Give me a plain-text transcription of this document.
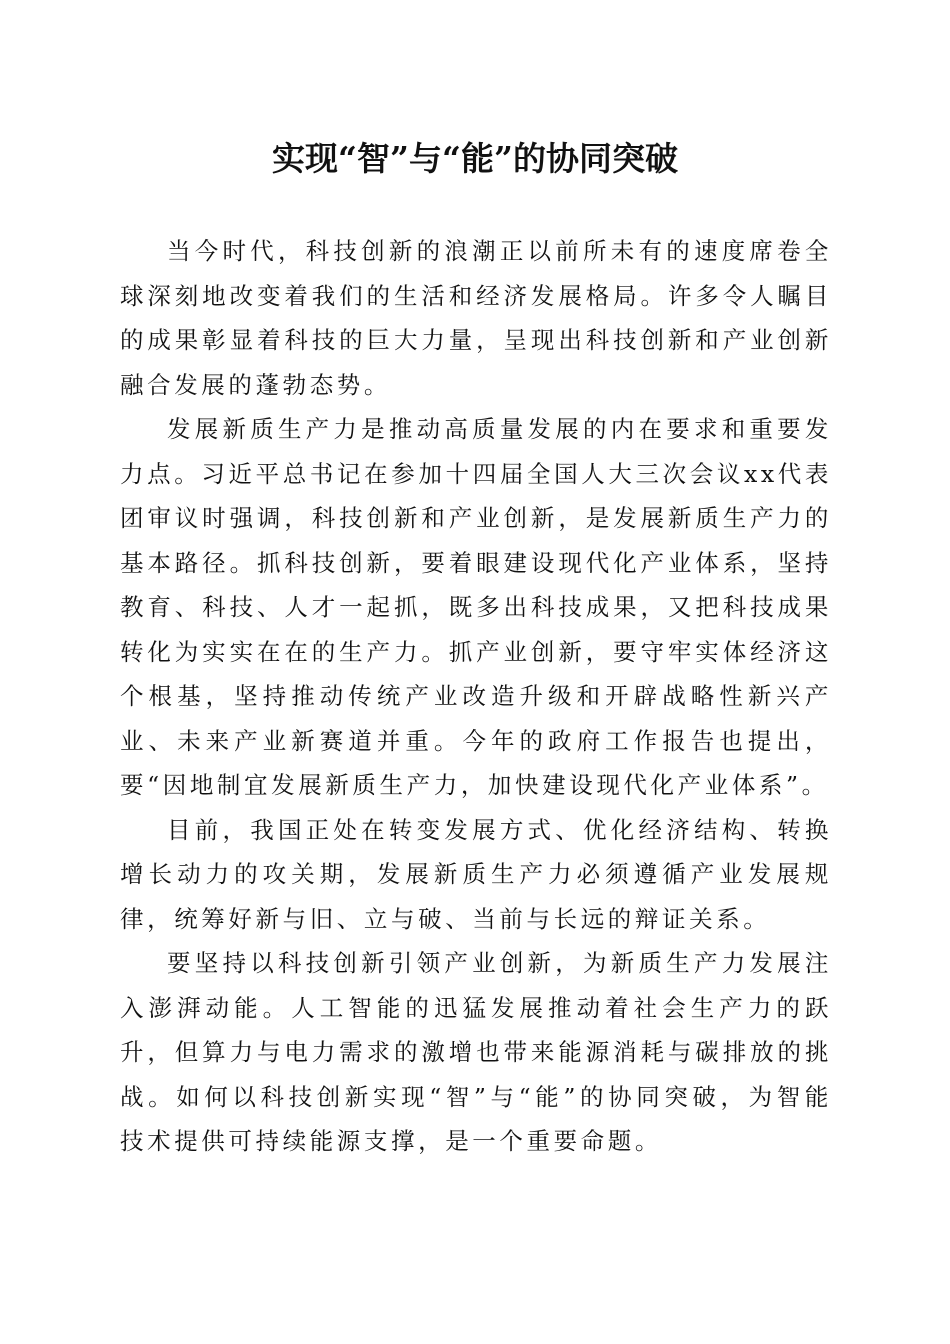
实现“智”与“能”的协同突破

当今时代，科技创新的浪潮正以前所未有的速度席卷全球深刻地改变着我们的生活和经济发展格局。许多令人瞩目的成果彰显着科技的巨大力量，呈现出科技创新和产业创新融合发展的蓬勃态势。

发展新质生产力是推动高质量发展的内在要求和重要发力点。习近平总书记在参加十四届全国人大三次会议xx代表团审议时强调，科技创新和产业创新，是发展新质生产力的基本路径。抓科技创新，要着眼建设现代化产业体系，坚持教育、科技、人才一起抓，既多出科技成果，又把科技成果转化为实实在在的生产力。抓产业创新，要守牢实体经济这个根基，坚持推动传统产业改造升级和开辟战略性新兴产业、未来产业新赛道并重。今年的政府工作报告也提出，要“因地制宜发展新质生产力，加快建设现代化产业体系”。

目前，我国正处在转变发展方式、优化经济结构、转换增长动力的攻关期，发展新质生产力必须遵循产业发展规律，统筹好新与旧、立与破、当前与长远的辩证关系。

要坚持以科技创新引领产业创新，为新质生产力发展注入澎湃动能。人工智能的迅猛发展推动着社会生产力的跃升，但算力与电力需求的激增也带来能源消耗与碳排放的挑战。如何以科技创新实现“智”与“能”的协同突破，为智能技术提供可持续能源支撑，是一个重要命题。
